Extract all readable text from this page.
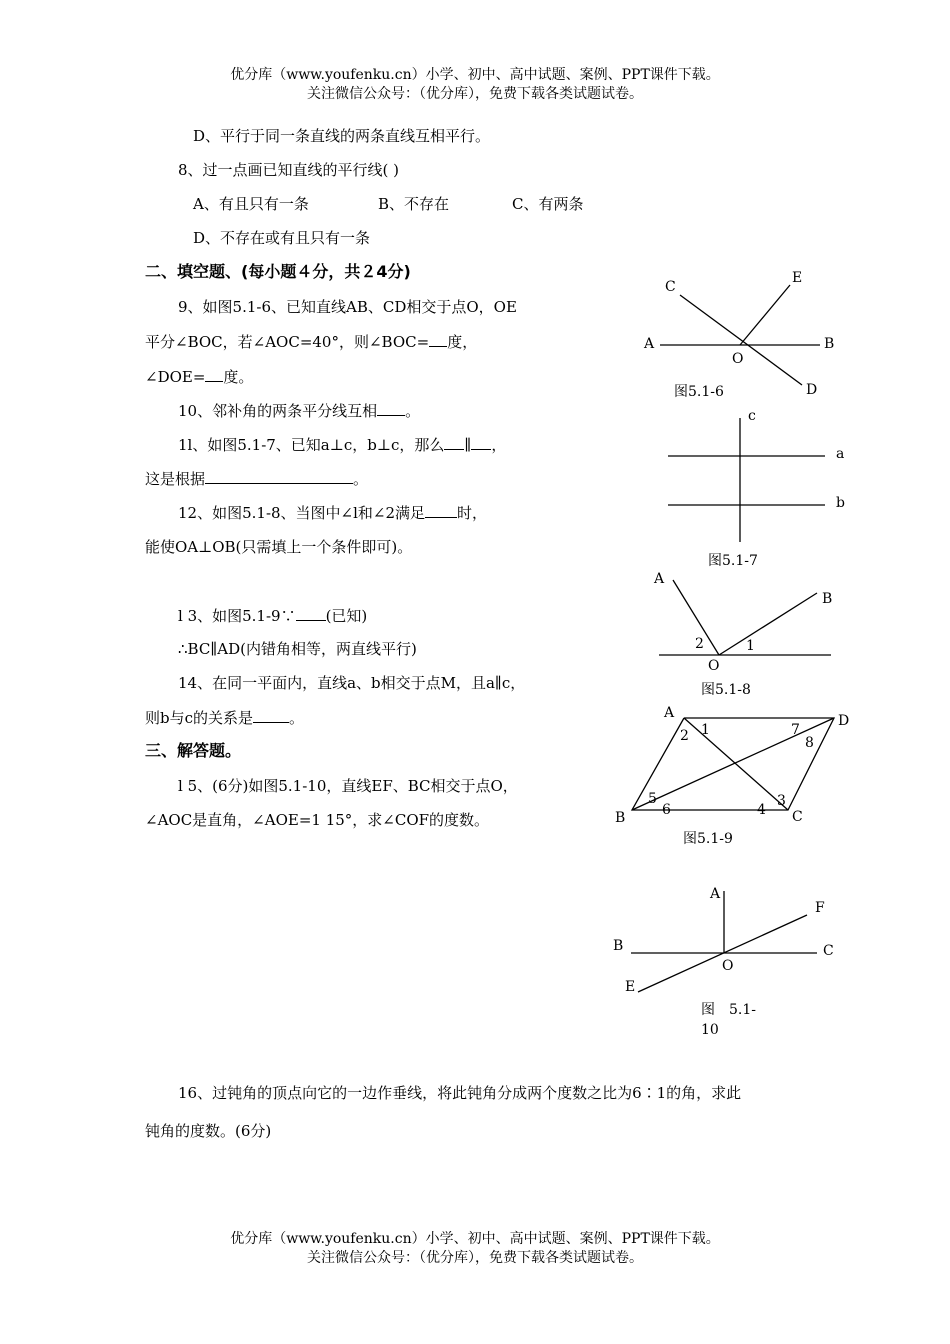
优分库（www.youfenku.cn）小学、初中、高中试题、案例、PPT课件下载。
关注微信公众号：（优分库），免费下载各类试题试卷。
D、平行于同一条直线的两条直线互相平行。
8、过一点画已知直线的平行线( )
A、有且只有一条	B、不存在	C、有两条
D、不存在或有且只有一条
二、填空题、(每小题４分，共２4分)
9、如图5.1-6、已知直线AB、CD相交于点O，OE
平分∠BOC，若∠AOC=40°，则∠BOC= 度，
∠DOE= 度。
10、邻补角的两条平分线互相 。
1l、如图5.1-7、已知a⊥c，b⊥c，那么 ∥ ，
这是根据	。
12、如图5.1-8、当图中∠l和∠2满足 时，
能使OA⊥OB(只需填上一个条件即可)。
l 3、如图5.1-9∵ (已知)
∴BC∥AD(内错角相等，两直线平行)
14、在同一平面内，直线a、b相交于点M，且a∥c，
则b与c的关系是 。
三、解答题。
l 5、(6分)如图5.1-10，直线EF、BC相交于点O，
∠AOC是直角，∠AOE=1 15°，求∠COF的度数。
16、过钝角的顶点向它的一边作垂线，将此钝角分成两个度数之比为6∶1的角，求此
钝角的度数。(6分)
C
E
A	B
O
D
图5.1-6
c
a
b
图5.1-7
A
B
O
2	1
图5.1-8
A	D
B	C
1
2
3
4
5
6
7
8
图5.1-9
A
F
B	C
O
E
图　5.1-
10
优分库（www.youfenku.cn）小学、初中、高中试题、案例、PPT课件下载。
关注微信公众号：（优分库），免费下载各类试题试卷。
